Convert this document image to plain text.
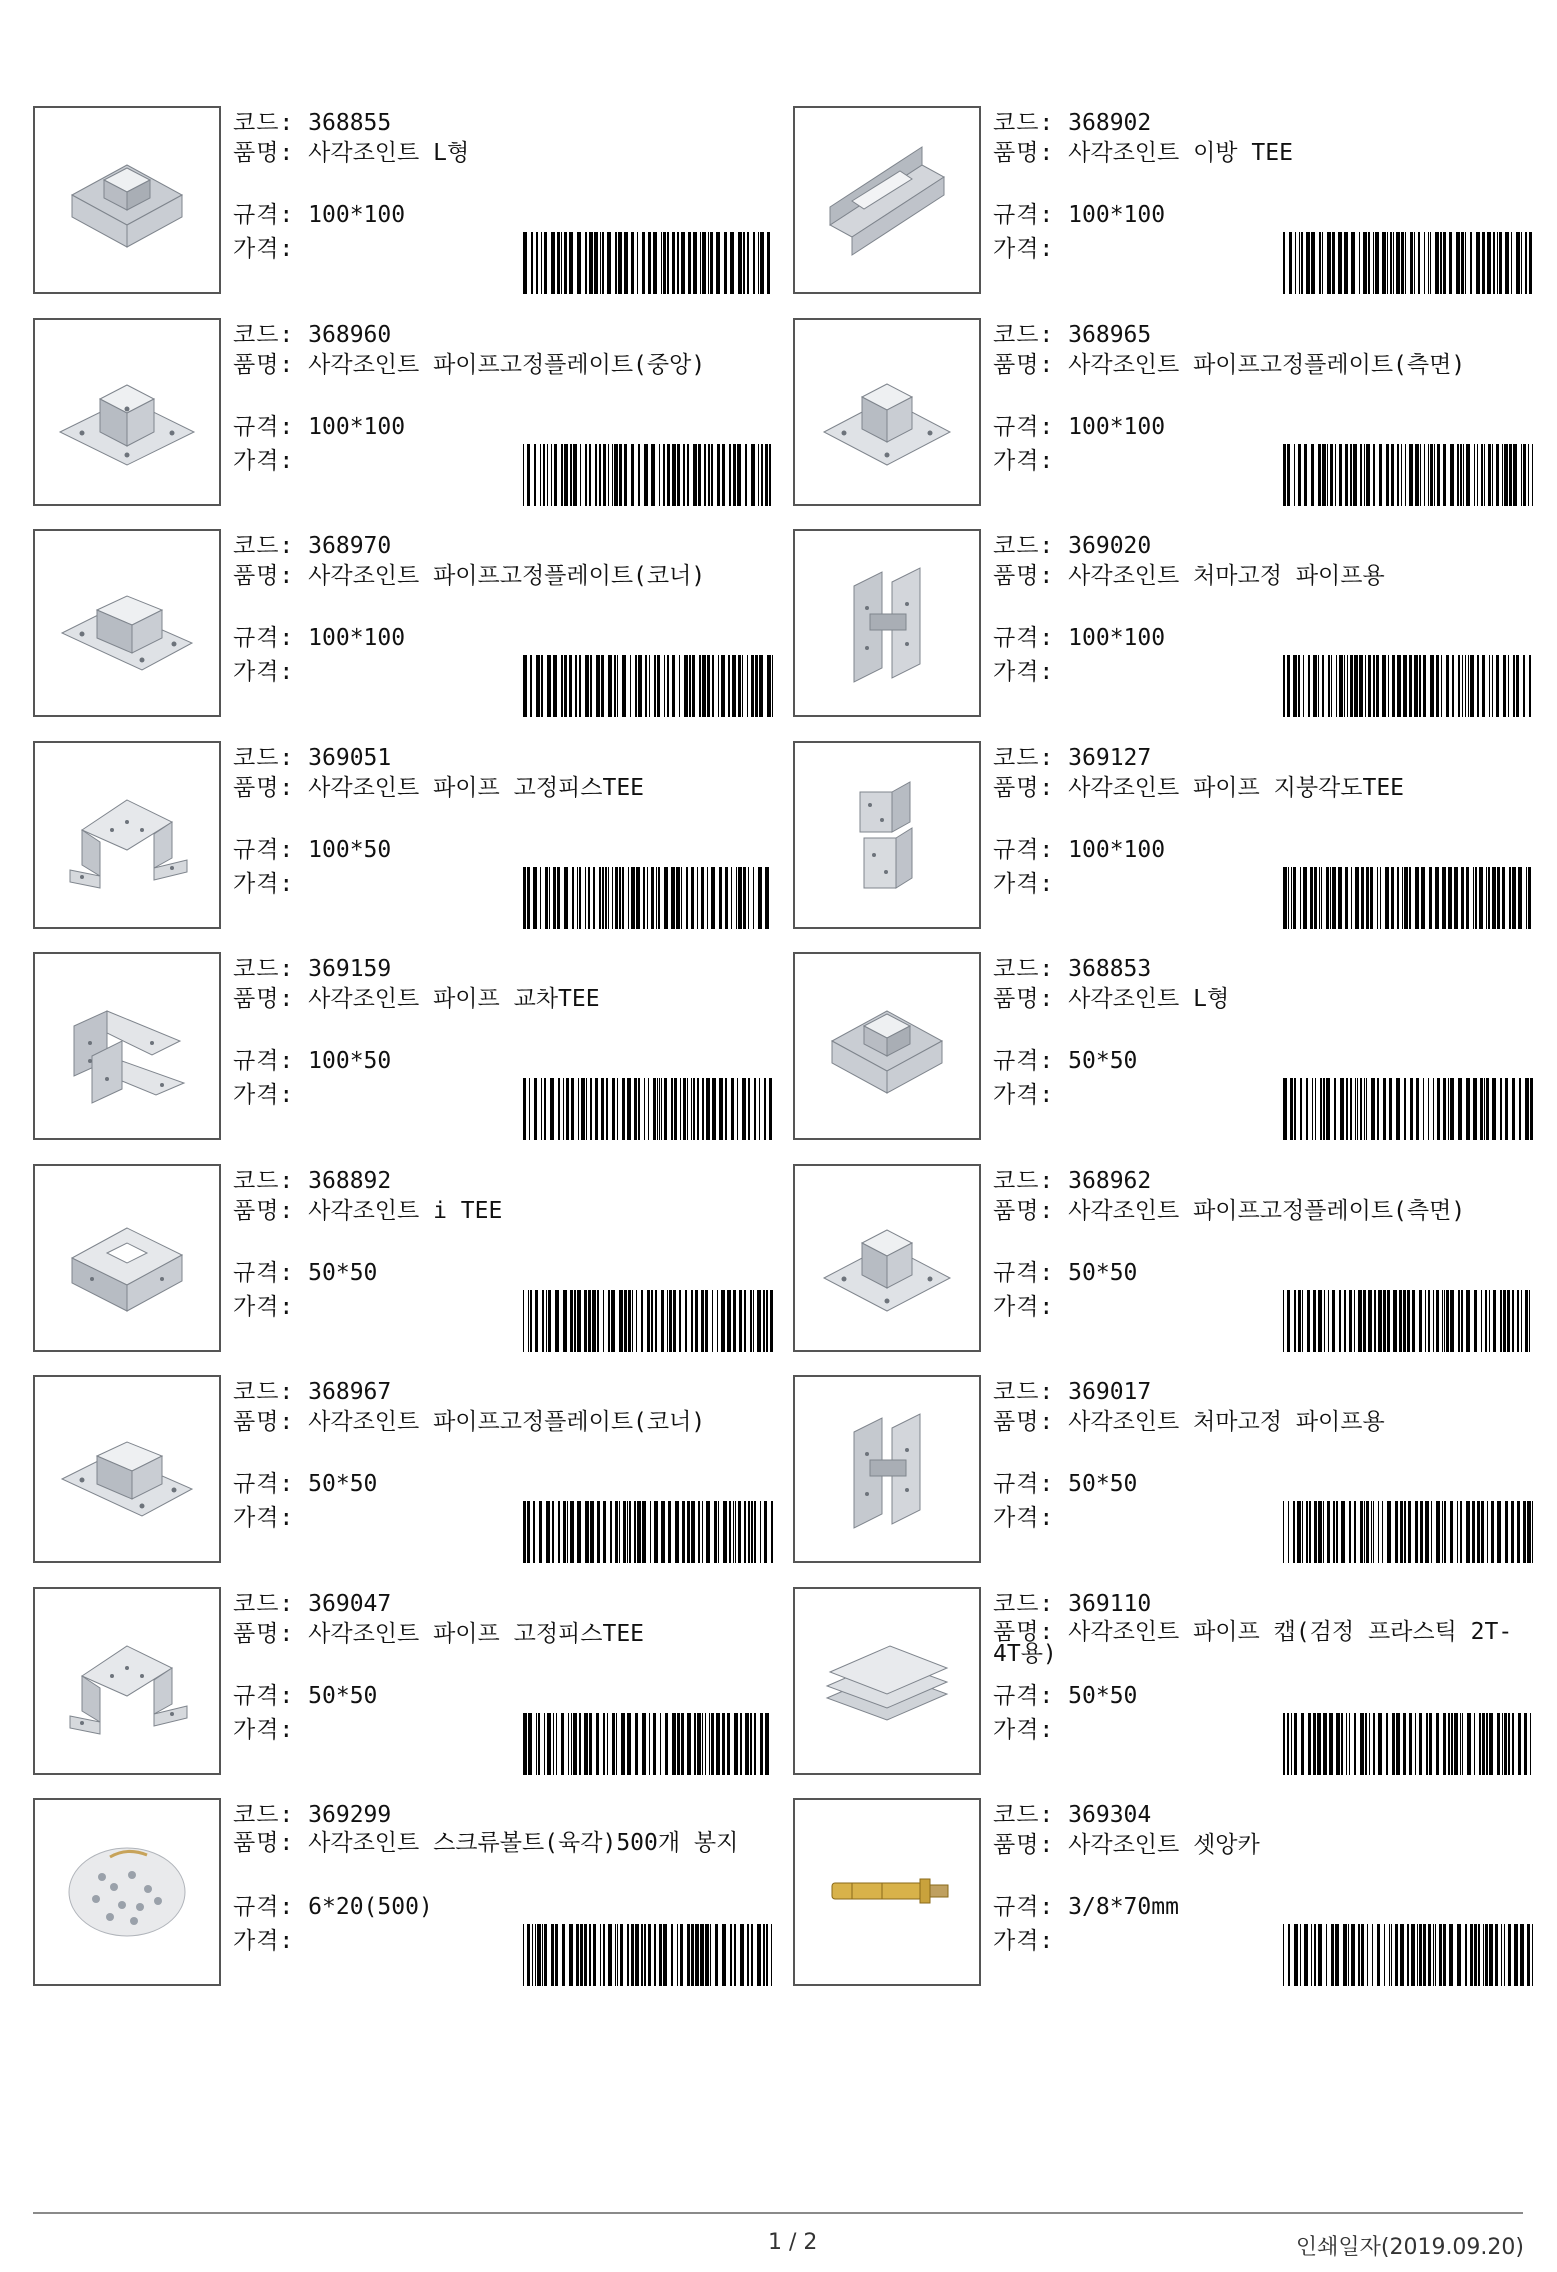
코드: 368855
품명: 사각조인트 L형
규격: 100*100
가격:
코드: 368902
품명: 사각조인트 이방 TEE
규격: 100*100
가격:
코드: 368960
품명: 사각조인트 파이프고정플레이트(중앙)
규격: 100*100
가격:
코드: 368965
품명: 사각조인트 파이프고정플레이트(측면)
규격: 100*100
가격:
코드: 368970
품명: 사각조인트 파이프고정플레이트(코너)
규격: 100*100
가격:
코드: 369020
품명: 사각조인트 처마고정 파이프용
규격: 100*100
가격:
코드: 369051
품명: 사각조인트 파이프 고정피스TEE
규격: 100*50
가격:
코드: 369127
품명: 사각조인트 파이프 지붕각도TEE
규격: 100*100
가격:
코드: 369159
품명: 사각조인트 파이프 교차TEE
규격: 100*50
가격:
코드: 368853
품명: 사각조인트 L형
규격: 50*50
가격:
코드: 368892
품명: 사각조인트 i TEE
규격: 50*50
가격:
코드: 368962
품명: 사각조인트 파이프고정플레이트(측면)
규격: 50*50
가격:
코드: 368967
품명: 사각조인트 파이프고정플레이트(코너)
규격: 50*50
가격:
코드: 369017
품명: 사각조인트 처마고정 파이프용
규격: 50*50
가격:
코드: 369047
품명: 사각조인트 파이프 고정피스TEE
규격: 50*50
가격:
코드: 369110
품명: 사각조인트 파이프 캡(검정 프라스틱 2T-4T용)
규격: 50*50
가격:
코드: 369299
품명: 사각조인트 스크류볼트(육각)500개 봉지
규격: 6*20(500)
가격:
코드: 369304
품명: 사각조인트 셋앙카
규격: 3/8*70mm
가격:
1 / 2	인쇄일자(2019.09.20)
